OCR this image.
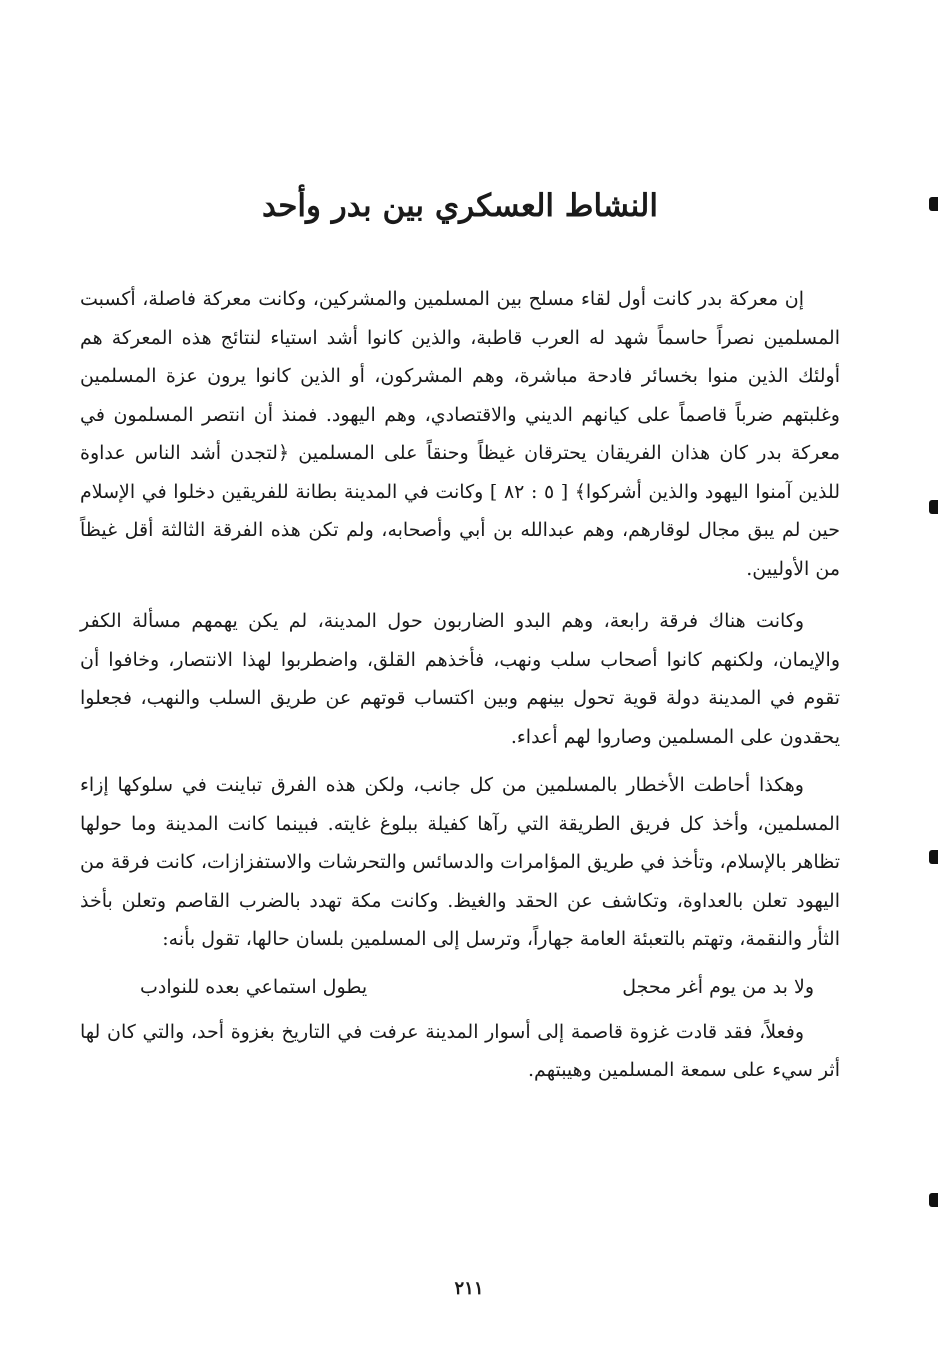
النشاط العسكري بين بدر وأحد

إن معركة بدر كانت أول لقاء مسلح بين المسلمين والمشركين، وكانت معركة فاصلة، أكسبت المسلمين نصراً حاسماً شهد له العرب قاطبة، والذين كانوا أشد استياء لنتائج هذه المعركة هم أولئك الذين منوا بخسائر فادحة مباشرة، وهم المشركون، أو الذين كانوا يرون عزة المسلمين وغلبتهم ضرباً قاصماً على كيانهم الديني والاقتصادي، وهم اليهود. فمنذ أن انتصر المسلمون في معركة بدر كان هذان الفريقان يحترقان غيظاً وحنقاً على المسلمين ﴿لتجدن أشد الناس عداوة للذين آمنوا اليهود والذين أشركوا﴾ [ ٥ : ٨٢ ] وكانت في المدينة بطانة للفريقين دخلوا في الإسلام حين لم يبق مجال لوقارهم، وهم عبدالله بن أبي وأصحابه، ولم تكن هذه الفرقة الثالثة أقل غيظاً من الأوليين.

وكانت هناك فرقة رابعة، وهم البدو الضاربون حول المدينة، لم يكن يهمهم مسألة الكفر والإيمان، ولكنهم كانوا أصحاب سلب ونهب، فأخذهم القلق، واضطربوا لهذا الانتصار، وخافوا أن تقوم في المدينة دولة قوية تحول بينهم وبين اكتساب قوتهم عن طريق السلب والنهب، فجعلوا يحقدون على المسلمين وصاروا لهم أعداء.

وهكذا أحاطت الأخطار بالمسلمين من كل جانب، ولكن هذه الفرق تباينت في سلوكها إزاء المسلمين، وأخذ كل فريق الطريقة التي رآها كفيلة ببلوغ غايته. فبينما كانت المدينة وما حولها تظاهر بالإسلام، وتأخذ في طريق المؤامرات والدسائس والتحرشات والاستفزازات، كانت فرقة من اليهود تعلن بالعداوة، وتكاشف عن الحقد والغيظ. وكانت مكة تهدد بالضرب القاصم وتعلن بأخذ الثأر والنقمة، وتهتم بالتعبئة العامة جهاراً، وترسل إلى المسلمين بلسان حالها، تقول بأنه:

ولا بد من يوم أغر محجل
يطول استماعي بعده للنوادب

وفعلاً، فقد قادت غزوة قاصمة إلى أسوار المدينة عرفت في التاريخ بغزوة أحد، والتي كان لها أثر سيء على سمعة المسلمين وهيبتهم.

٢١١
